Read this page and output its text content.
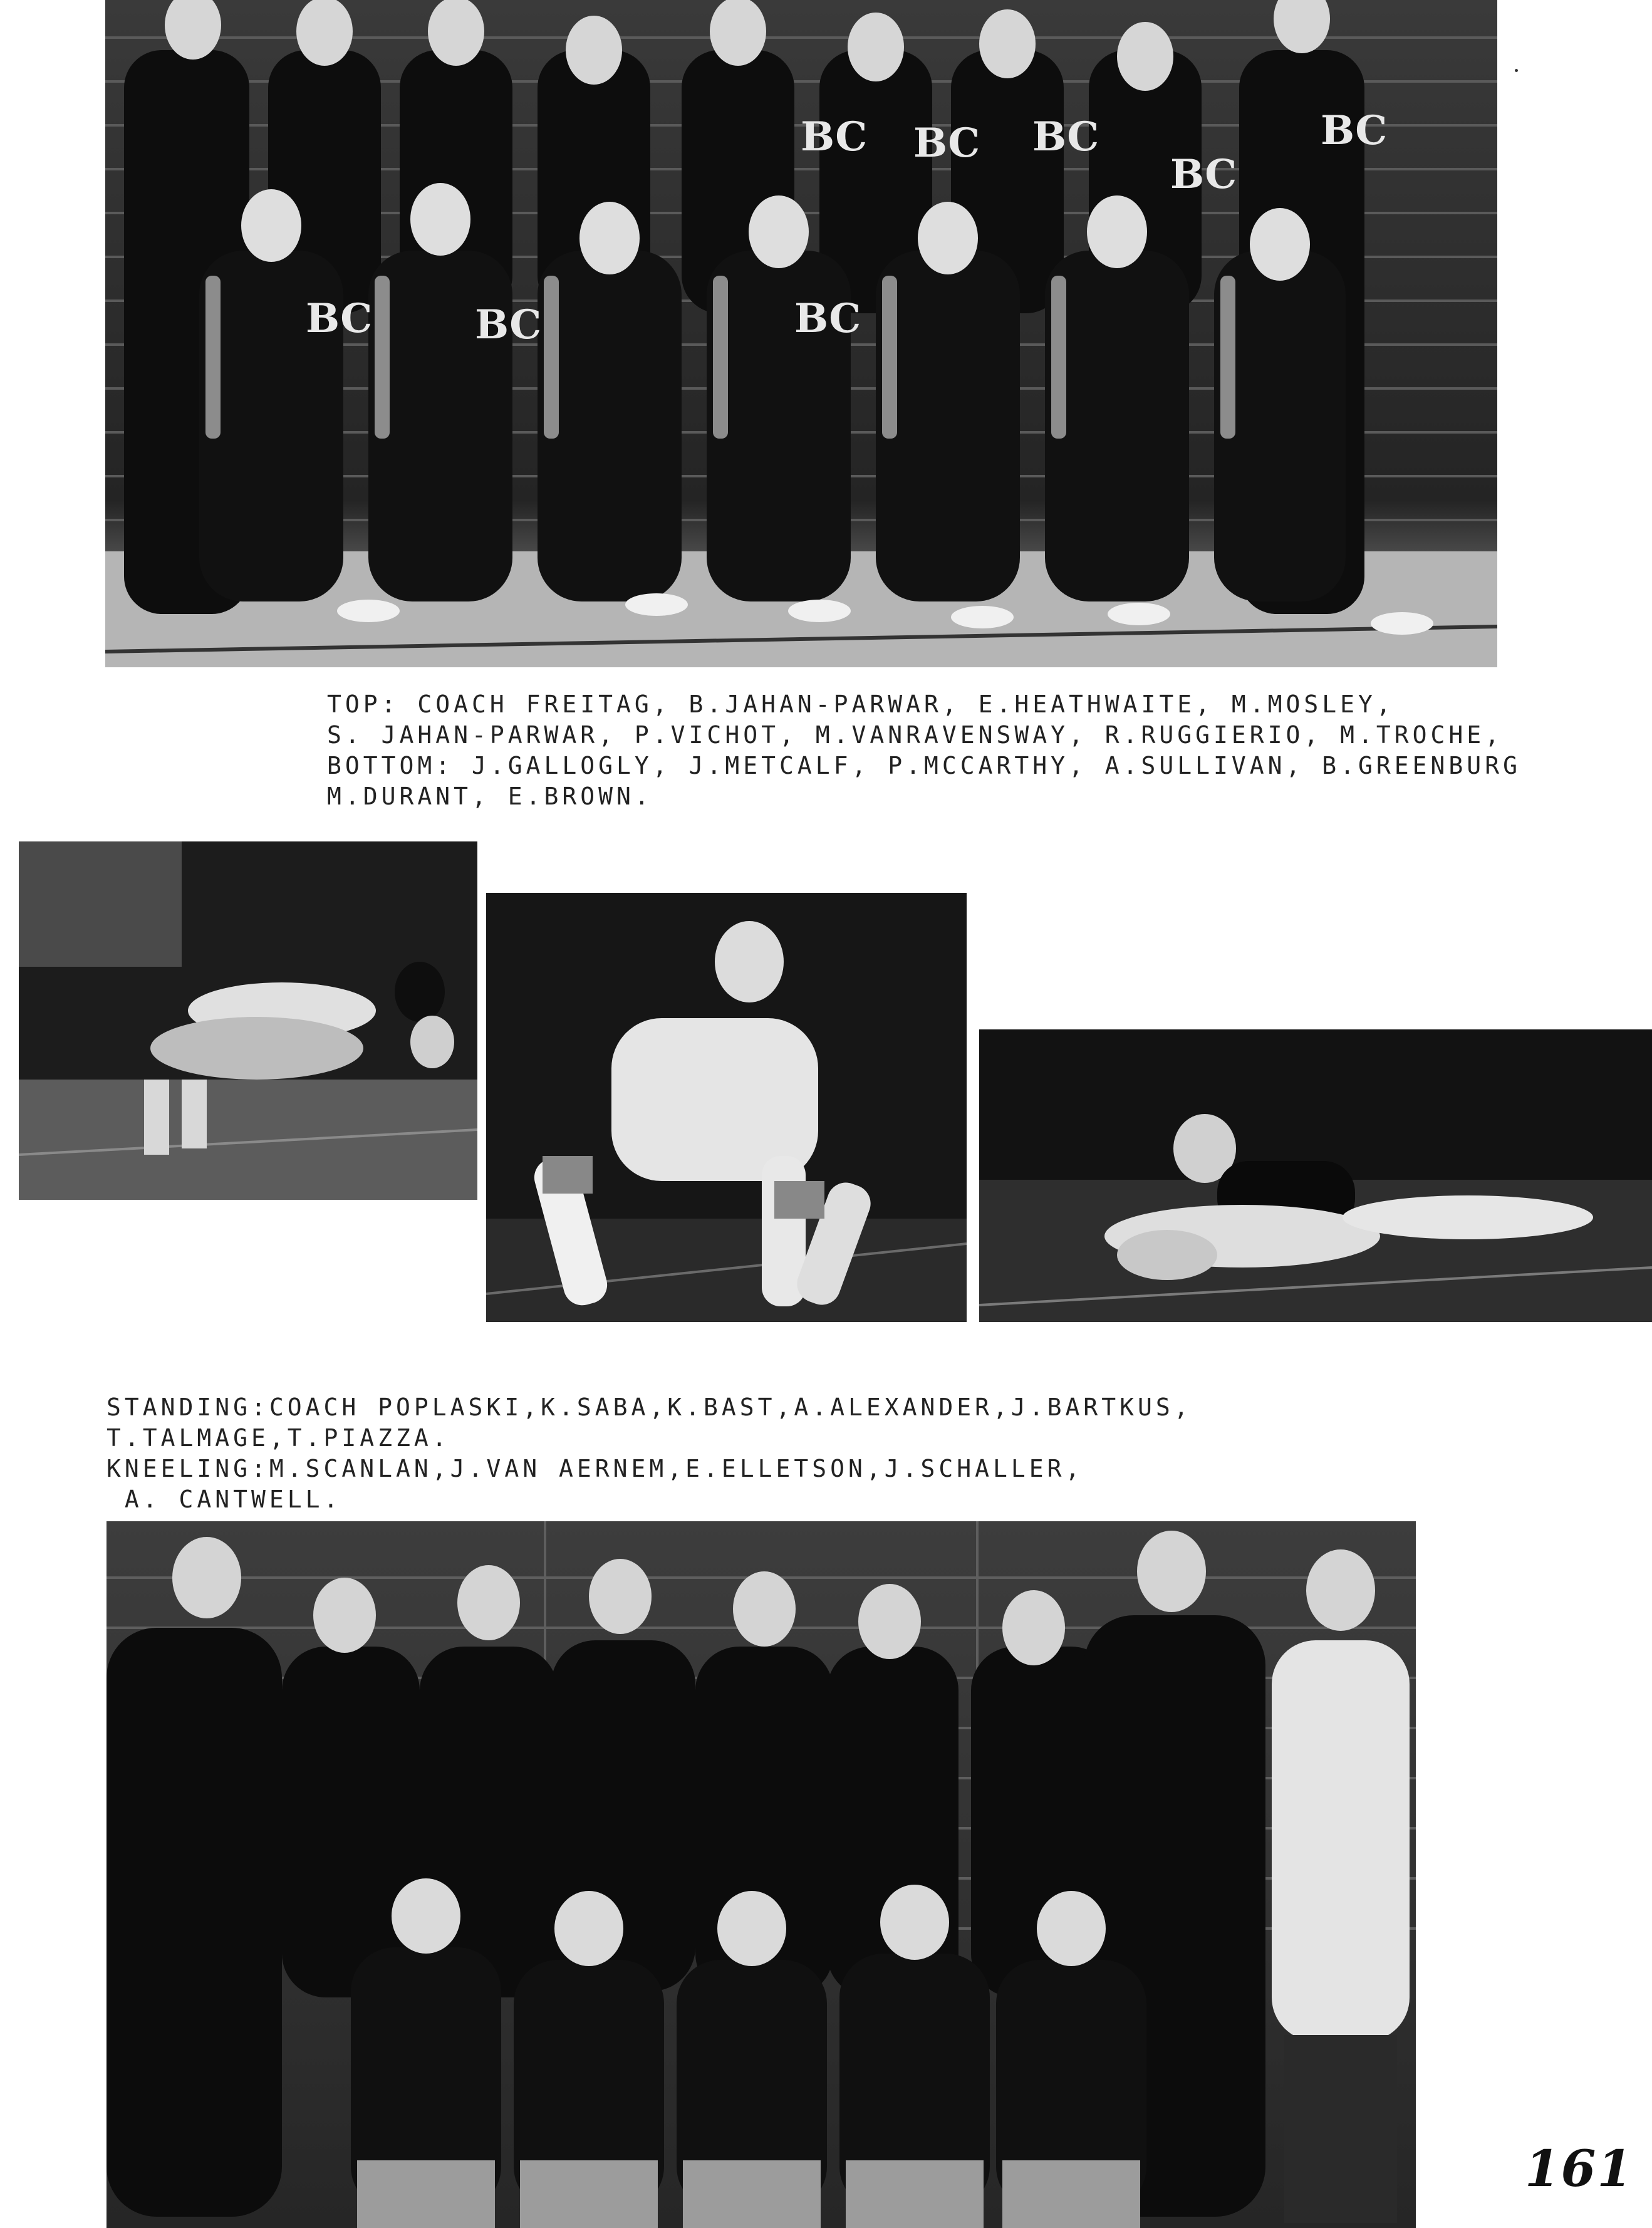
BC	BC	BC
BC BC BC
BC
BC
TOP: COACH FREITAG, B.JAHAN-PARWAR, E.HEATHWAITE, M.MOSLEY,
S. JAHAN-PARWAR, P.VICHOT, M.VANRAVENSWAY, R.RUGGIERIO, M.TROCHE,
BOTTOM: J.GALLOGLY, J.METCALF, P.MCCARTHY, A.SULLIVAN, B.GREENBURG
M.DURANT, E.BROWN.
STANDING:COACH POPLASKI,K.SABA,K.BAST,A.ALEXANDER,J.BARTKUS,
T.TALMAGE,T.PIAZZA.
KNEELING:M.SCANLAN,J.VAN AERNEM,E.ELLETSON,J.SCHALLER,
A. CANTWELL.
161
